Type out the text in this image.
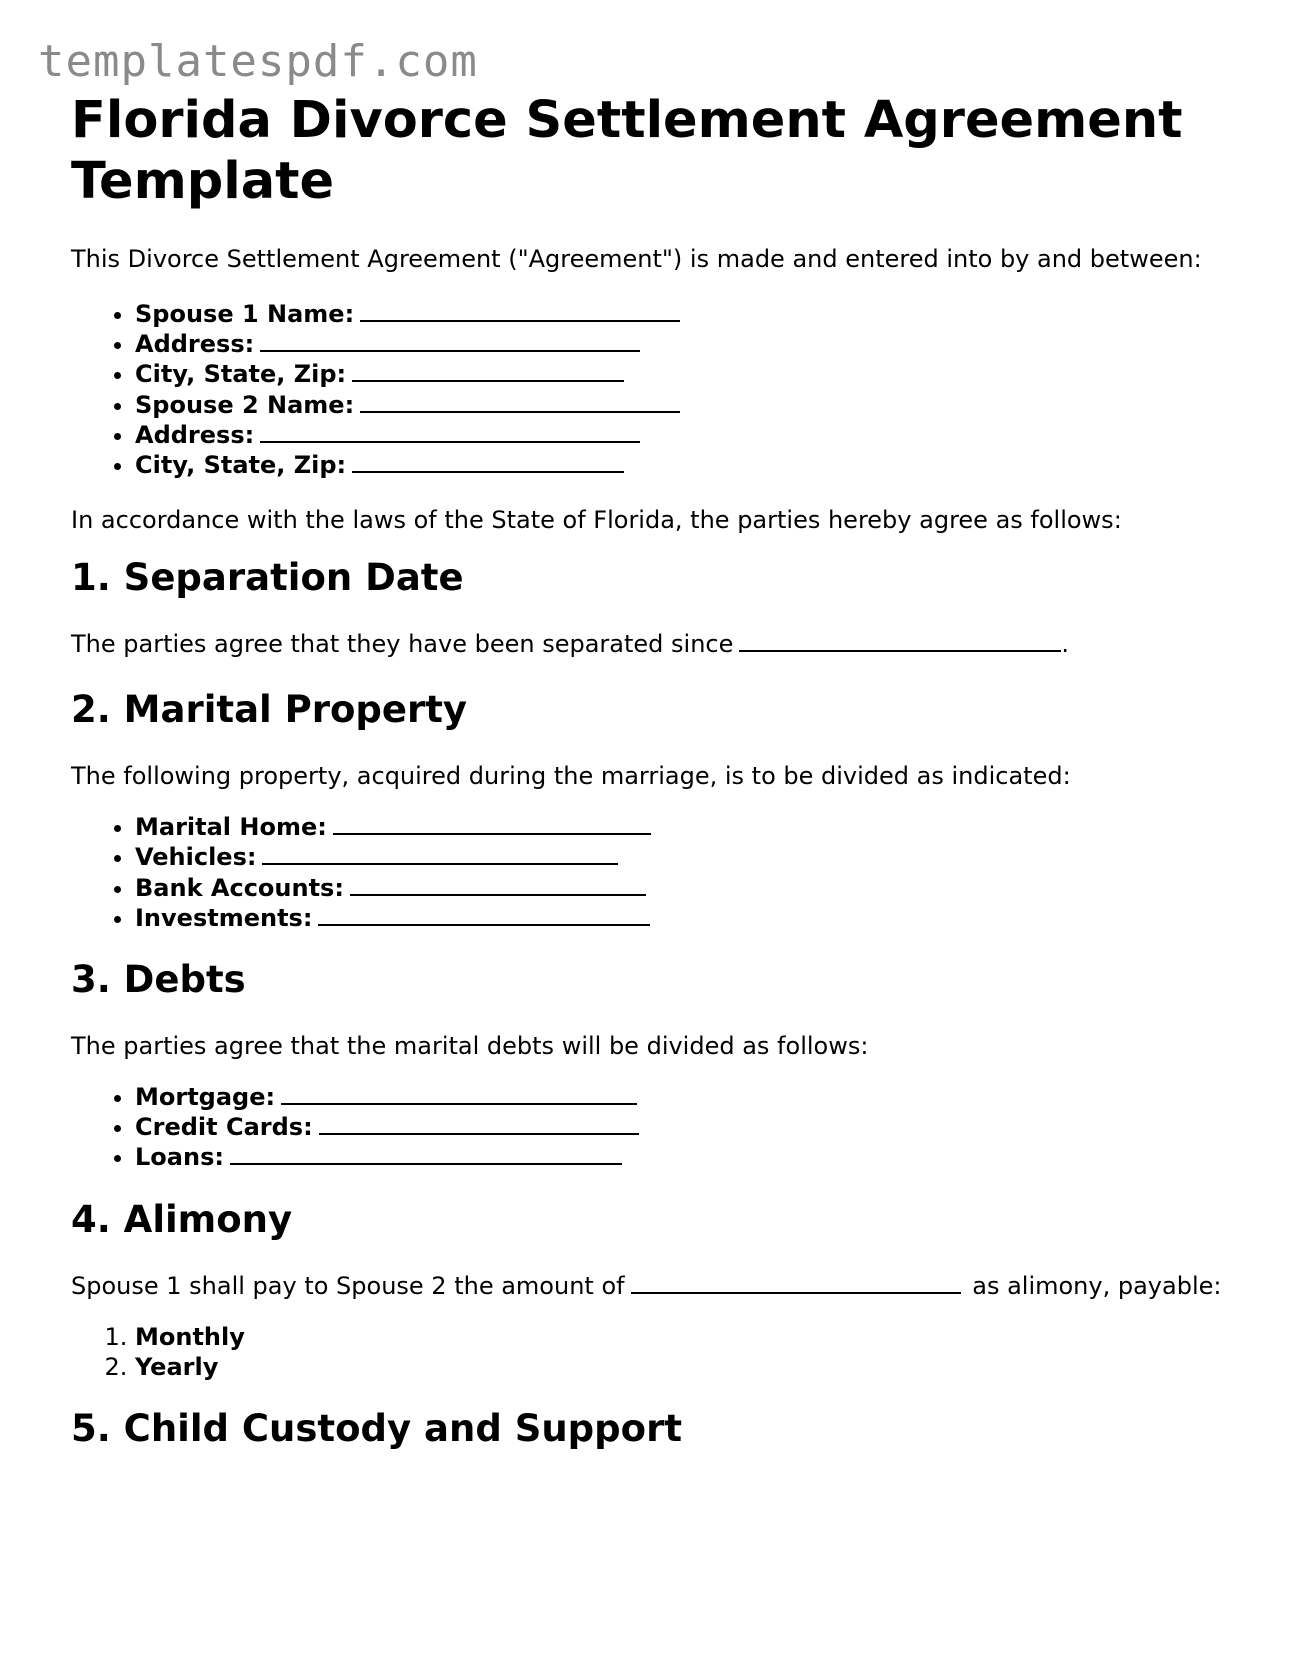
templatespdf.com
Florida Divorce Settlement Agreement Template

This Divorce Settlement Agreement ("Agreement") is made and entered into by and between:

• Spouse 1 Name:
• Address:
• City, State, Zip:
• Spouse 2 Name:
• Address:
• City, State, Zip:

In accordance with the laws of the State of Florida, the parties hereby agree as follows:

1. Separation Date

The parties agree that they have been separated since	.

2. Marital Property

The following property, acquired during the marriage, is to be divided as indicated:

• Marital Home:
• Vehicles:
• Bank Accounts:
• Investments:
3. Debts

The parties agree that the marital debts will be divided as follows:

• Mortgage:
• Credit Cards:
• Loans:
4. Alimony

Spouse 1 shall pay to Spouse 2 the amount of	as alimony, payable:

1. Monthly
2. Yearly
5. Child Custody and Support
